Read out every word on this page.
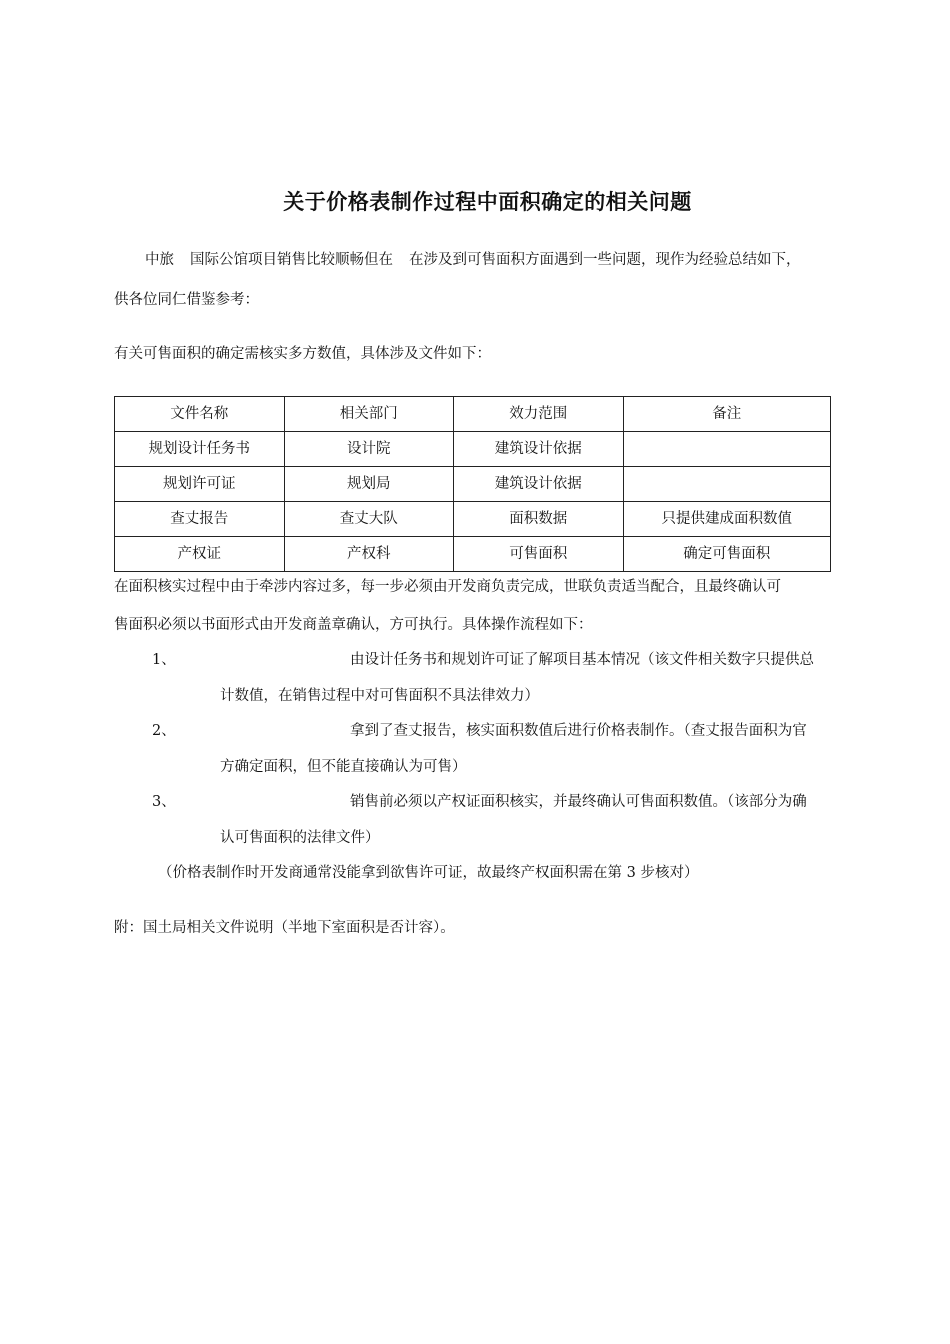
关于价格表制作过程中面积确定的相关问题
中旅 国际公馆项目销售比较顺畅但在 在涉及到可售面积方面遇到一些问题，现作为经验总结如下，
供各位同仁借鉴参考：
有关可售面积的确定需核实多方数值，具体涉及文件如下：
文件名称	相关部门	效力范围	备注
规划设计任务书	设计院	建筑设计依据	
规划许可证	规划局	建筑设计依据	
查丈报告	查丈大队	面积数据	只提供建成面积数值
产权证	产权科	可售面积	确定可售面积
在面积核实过程中由于牵涉内容过多，每一步必须由开发商负责完成，世联负责适当配合，且最终确认可
售面积必须以书面形式由开发商盖章确认，方可执行。具体操作流程如下：
1、	由设计任务书和规划许可证了解项目基本情况（该文件相关数字只提供总
计数值，在销售过程中对可售面积不具法律效力）
2、	拿到了查丈报告，核实面积数值后进行价格表制作。（查丈报告面积为官
方确定面积，但不能直接确认为可售）
3、	销售前必须以产权证面积核实，并最终确认可售面积数值。（该部分为确
认可售面积的法律文件）
（价格表制作时开发商通常没能拿到欲售许可证，故最终产权面积需在第 3 步核对）
附：国土局相关文件说明（半地下室面积是否计容）。
